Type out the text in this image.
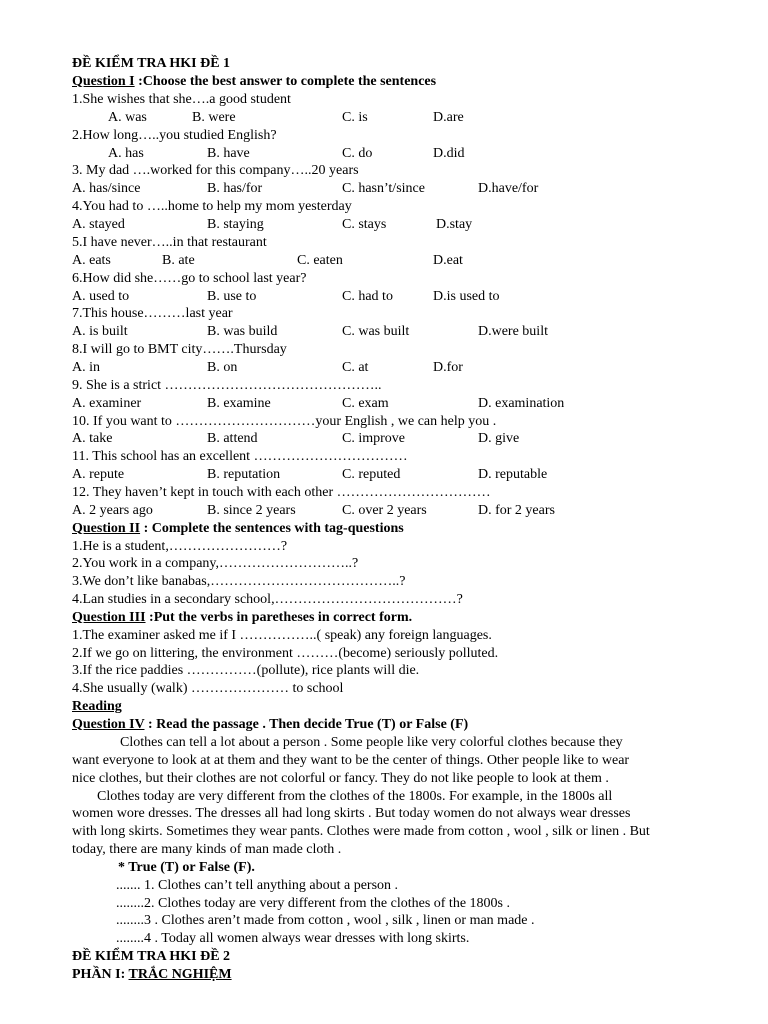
ĐỀ KIỂM TRA HKI ĐỀ 1
Question I :Choose the best answer to complete the sentences
1.She wishes that she….a good student
A. was	B. were	C. is	D.are
2.How long…..you studied English?
A. has	B. have	C. do	D.did
3. My dad ….worked for this company…..20 years
A. has/since	B. has/for	C. hasn’t/since	D.have/for
4.You had to …..home to help my mom yesterday
A. stayed	B. staying	C. stays	D.stay
5.I have never…..in that restaurant
A. eats	B. ate	C. eaten	D.eat
6.How did she……go to school last year?
A. used to	B. use to	C. had to	D.is used to
7.This house………last year
A. is built	B. was build	C. was built	D.were built
8.I will go to BMT city…….Thursday
A. in	B. on	C. at	D.for
9. She is a strict ………………………………………..
A. examiner	B. examine	C. exam	D. examination
10. If you want to …………………………your English , we can help you .
A. take	B. attend	C. improve	D. give
11. This school has an excellent ……………………………
A. repute	B. reputation	C. reputed	D. reputable
12. They haven’t kept in touch with each other ……………………………
A. 2 years ago	B. since 2 years	C. over 2 years	D. for 2 years
Question II : Complete the sentences with tag-questions
1.He is a student,……………………?
2.You work in a company,………………………..?
3.We don’t like banabas,…………………………………..?
4.Lan studies in a secondary school,…………………………………?
Question III :Put the verbs in paretheses in correct form.
1.The examiner asked me if I ……………..( speak) any foreign languages.
2.If we go on littering, the environment ………(become) seriously polluted.
3.If the rice paddies ……………(pollute), rice plants will die.
4.She usually (walk) ………………… to school
Reading
Question IV : Read the passage . Then decide True (T) or False (F)
Clothes can tell a lot about a person . Some people like very colorful clothes because they
want everyone to look at at them and they want to be the center of things. Other people like to wear
nice clothes, but their clothes are not colorful or fancy. They do not like people to look at them .
Clothes today are very different from the clothes of the 1800s. For example, in the 1800s all
women wore dresses. The dresses all had long skirts . But today women do not always wear dresses
with long skirts. Sometimes they wear pants. Clothes were made from cotton , wool , silk or linen . But
today, there are many kinds of man made cloth .
* True (T) or False (F).
....... 1. Clothes can’t tell anything about a person .
........2. Clothes today are very different from the clothes of the 1800s .
........3 . Clothes aren’t made from cotton , wool , silk , linen or man made .
........4 . Today all women always wear dresses with long skirts.
ĐỀ KIỂM TRA HKI ĐỀ 2
PHẦN I: TRẮC NGHIỆM
